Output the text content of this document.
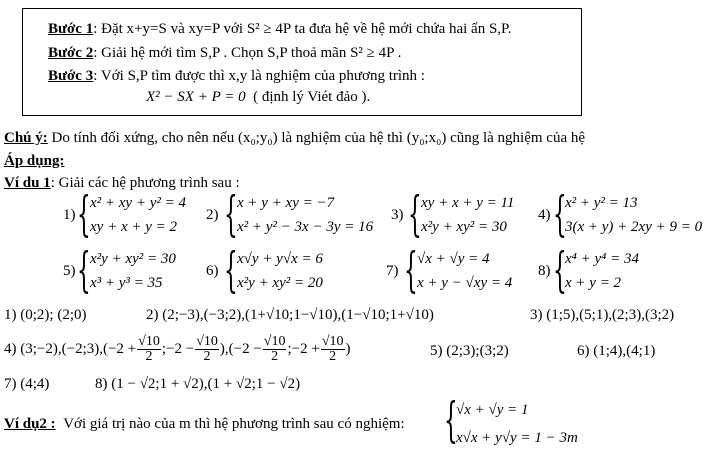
Bước 1: Đặt x+y=S và xy=P với S² ≥ 4P ta đưa hệ về hệ mới chứa hai ẩn S,P.
Bước 2: Giải hệ mới tìm S,P . Chọn S,P thoả mãn S² ≥ 4P .
Bước 3: Với S,P tìm được thì x,y là nghiệm của phương trình :
X² − SX + P = 0 ( định lý Viét đảo ).
Chú ý: Do tính đối xứng, cho nên nếu (x₀;y₀) là nghiệm của hệ thì (y₀;x₀) cũng là nghiệm của hệ
Áp dụng:
Ví du 1: Giải các hệ phương trình sau :
1) { x² + xy + y² = 4
xy + x + y = 2
2) { x + y + xy = −7
x² + y² − 3x − 3y = 16
3) { xy + x + y = 11
x²y + xy² = 30
4) {
x² + y² = 13
3(x + y) + 2xy + 9 = 0
5) { x²y + xy² = 30
x³ + y³ = 35
6) { x√y + y√x = 6
x²y + xy² = 20
7) { √x + √y = 4
x + y − √xy = 4
8) {
x⁴ + y⁴ = 34
x + y = 2
1) (0;2); (2;0)	2) (2;−3),(−3;2),(1+√10;1−√10),(1−√10;1+√10)	3) (1;5),(5;1),(2;3),(3;2)
4) (3;−2),(−2;3),(−2 + $\frac{√10}{2}$ ;−2 − $\frac{√10}{2} ),(-2 - \frac{√10}{2}$ ;−2 + $\frac{√10}{2}$ )	5) (2;3);(3;2)	6) (1;4),(4;1)
7) (4;4)	8) (1 − √2;1 + √2),(1 + √2;1 − √2)
Ví dụ2 : Với giá trị nào của m thì hệ phương trình sau có nghiệm: {
√x + √y = 1
x√x + y√y = 1 − 3m
